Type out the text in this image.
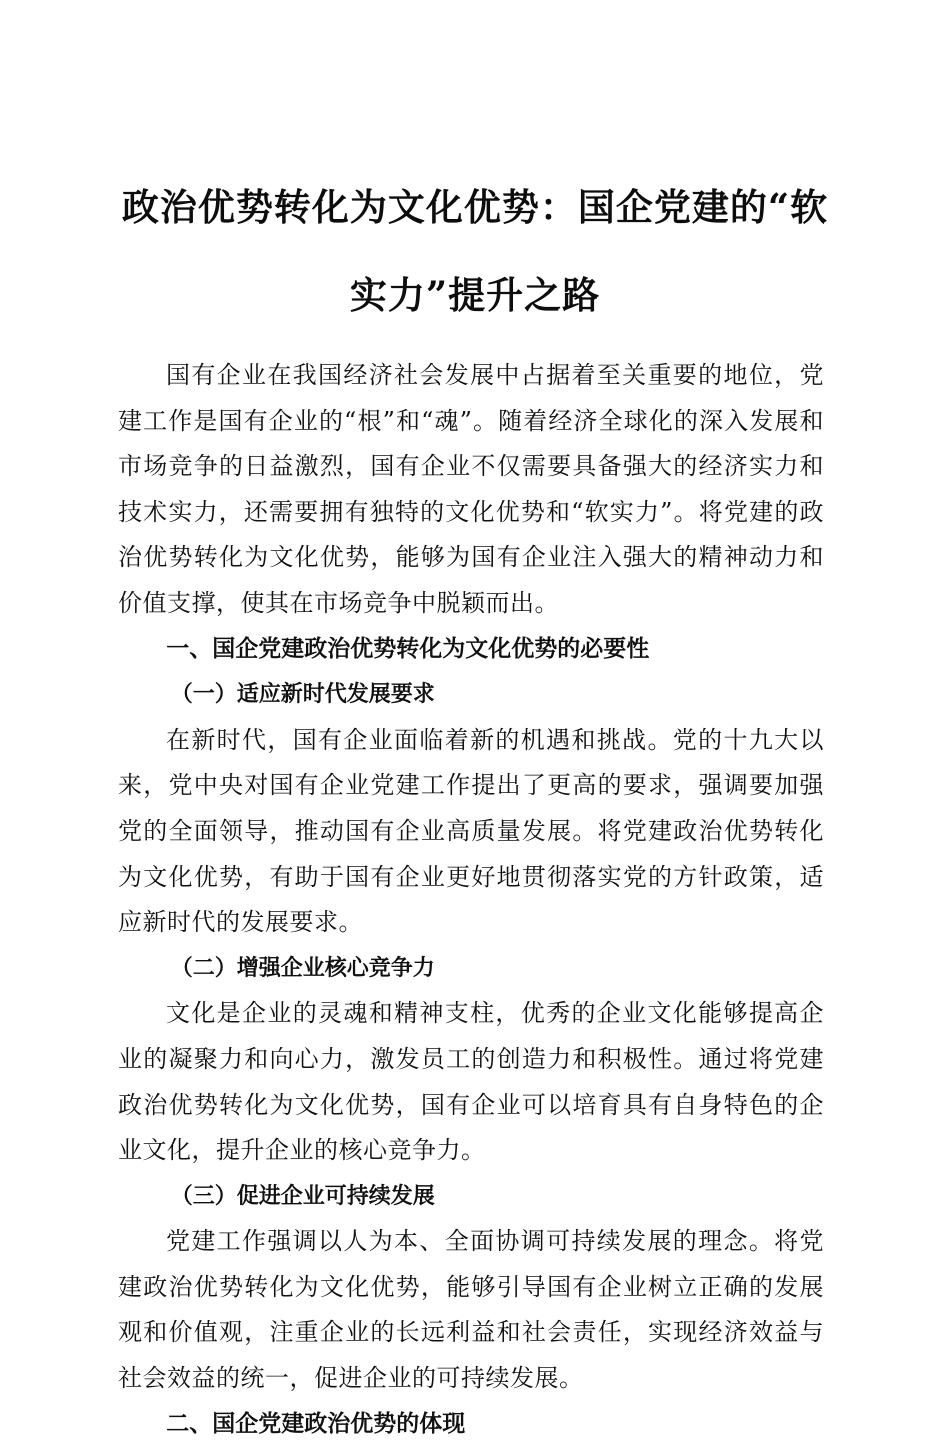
政治优势转化为文化优势：国企党建的“软实力”提升之路

国有企业在我国经济社会发展中占据着至关重要的地位，党建工作是国有企业的“根”和“魂”。随着经济全球化的深入发展和市场竞争的日益激烈，国有企业不仅需要具备强大的经济实力和技术实力，还需要拥有独特的文化优势和“软实力”。将党建的政治优势转化为文化优势，能够为国有企业注入强大的精神动力和价值支撑，使其在市场竞争中脱颖而出。

一、国企党建政治优势转化为文化优势的必要性
（一）适应新时代发展要求

在新时代，国有企业面临着新的机遇和挑战。党的十九大以来，党中央对国有企业党建工作提出了更高的要求，强调要加强党的全面领导，推动国有企业高质量发展。将党建政治优势转化为文化优势，有助于国有企业更好地贯彻落实党的方针政策，适应新时代的发展要求。

（二）增强企业核心竞争力

文化是企业的灵魂和精神支柱，优秀的企业文化能够提高企业的凝聚力和向心力，激发员工的创造力和积极性。通过将党建政治优势转化为文化优势，国有企业可以培育具有自身特色的企业文化，提升企业的核心竞争力。

（三）促进企业可持续发展

党建工作强调以人为本、全面协调可持续发展的理念。将党建政治优势转化为文化优势，能够引导国有企业树立正确的发展观和价值观，注重企业的长远利益和社会责任，实现经济效益与社会效益的统一，促进企业的可持续发展。

二、国企党建政治优势的体现
